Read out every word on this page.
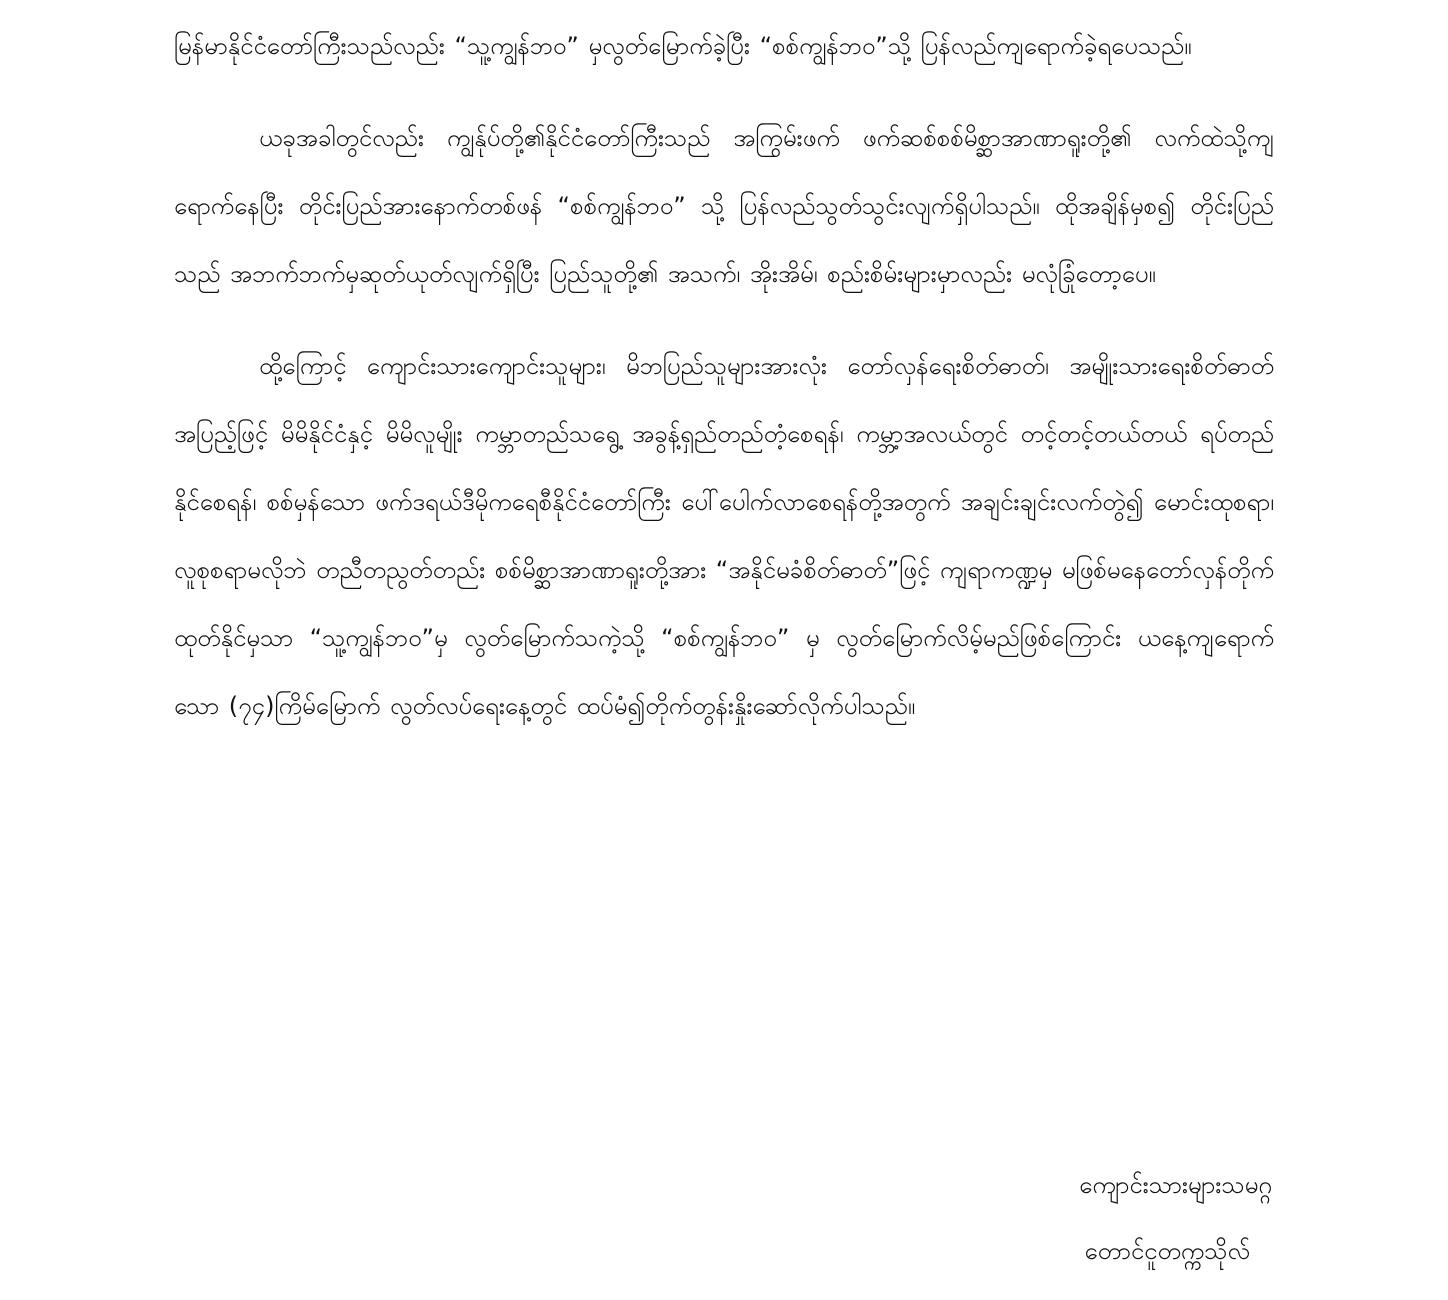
မြန်မာနိုင်ငံတော်ကြီးသည်လည်း “သူ့ကျွန်ဘဝ” မှလွတ်မြောက်ခဲ့ပြီး “စစ်ကျွန်ဘဝ”သို့ ပြန်လည်ကျရောက်ခဲ့ရပေသည်။

ယခုအခါတွင်လည်း ကျွန်ုပ်တို့၏နိုင်ငံတော်ကြီးသည် အကြွမ်းဖက် ဖက်ဆစ်စစ်မိစ္ဆာအာဏာရူးတို့၏ လက်ထဲသို့ကျရောက်နေပြီး တိုင်းပြည်အားနောက်တစ်ဖန် “စစ်ကျွန်ဘဝ” သို့ ပြန်လည်သွတ်သွင်းလျက်ရှိပါသည်။ ထိုအချိန်မှစ၍ တိုင်းပြည်သည် အဘက်ဘက်မှဆုတ်ယုတ်လျက်ရှိပြီး ပြည်သူတို့၏ အသက်၊ အိုးအိမ်၊ စည်းစိမ်းများမှာလည်း မလုံခြုံတော့ပေ။

ထို့ကြောင့် ကျောင်းသားကျောင်းသူများ၊ မိဘပြည်သူများအားလုံး တော်လှန်ရေးစိတ်ဓာတ်၊ အမျိုးသားရေးစိတ်ဓာတ်အပြည့်ဖြင့် မိမိနိုင်ငံနှင့် မိမိလူမျိုး ကမ္ဘာတည်သရွေ့ အခွန့်ရှည်တည်တံ့စေရန်၊ ကမ္ဘာ့အလယ်တွင် တင့်တင့်တယ်တယ် ရပ်တည်နိုင်စေရန်၊ စစ်မှန်သော ဖက်ဒရယ်ဒီမိုကရေစီနိုင်ငံတော်ကြီး ပေါ်ပေါက်လာစေရန်တို့အတွက် အချင်းချင်းလက်တွဲ၍ မောင်းထုစရာ၊ လူစုစရာမလိုဘဲ တညီတညွတ်တည်း စစ်မိစ္ဆာအာဏာရူးတို့အား “အနိုင်မခံစိတ်ဓာတ်”ဖြင့် ကျရာကဏ္ဍမှ မဖြစ်မနေတော်လှန်တိုက်ထုတ်နိုင်မှသာ “သူ့ကျွန်ဘဝ”မှ လွတ်မြောက်သကဲ့သို့ “စစ်ကျွန်ဘဝ” မှ လွတ်မြောက်လိမ့်မည်ဖြစ်ကြောင်း ယနေ့ကျရောက်သော (၇၄)ကြိမ်မြောက် လွတ်လပ်ရေးနေ့တွင် ထပ်မံ၍တိုက်တွန်းနှိုးဆော်လိုက်ပါသည်။

ကျောင်းသားများသမဂ္ဂ

တောင်ငူတက္ကသိုလ်
